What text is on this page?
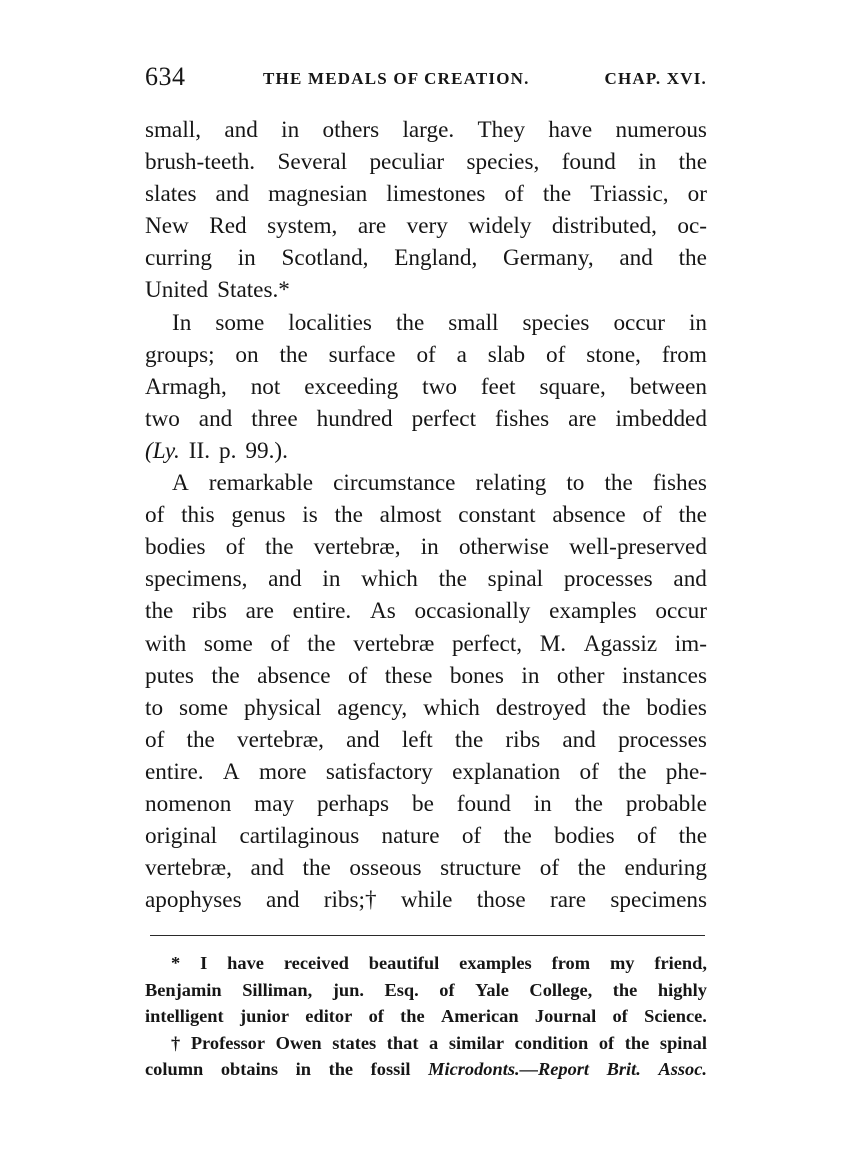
634	THE MEDALS OF CREATION.	CHAP. XVI.
small, and in others large. They have numerous
brush-teeth. Several peculiar species, found in the
slates and magnesian limestones of the Triassic, or
New Red system, are very widely distributed, oc-
curring in Scotland, England, Germany, and the
United States.*
In some localities the small species occur in
groups; on the surface of a slab of stone, from
Armagh, not exceeding two feet square, between
two and three hundred perfect fishes are imbedded
(Ly. II. p. 99.).
A remarkable circumstance relating to the fishes
of this genus is the almost constant absence of the
bodies of the vertebræ, in otherwise well-preserved
specimens, and in which the spinal processes and
the ribs are entire. As occasionally examples occur
with some of the vertebræ perfect, M. Agassiz im-
putes the absence of these bones in other instances
to some physical agency, which destroyed the bodies
of the vertebræ, and left the ribs and processes
entire. A more satisfactory explanation of the phe-
nomenon may perhaps be found in the probable
original cartilaginous nature of the bodies of the
vertebræ, and the osseous structure of the enduring
apophyses and ribs;† while those rare specimens
* I have received beautiful examples from my friend,
Benjamin Silliman, jun. Esq. of Yale College, the highly
intelligent junior editor of the American Journal of Science.
† Professor Owen states that a similar condition of the spinal
column obtains in the fossil Microdonts.—Report Brit. Assoc.
